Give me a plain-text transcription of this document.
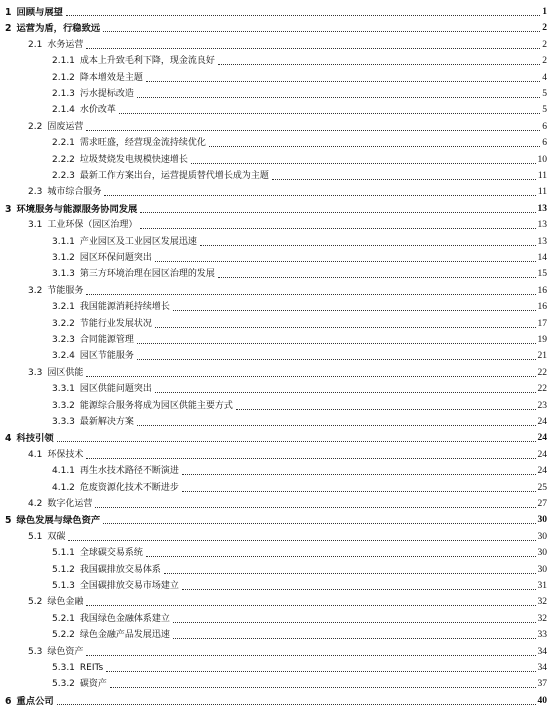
1 回顾与展望	1
2 运营为盾，行稳致远	2
2.1 水务运营	2
2.1.1 成本上升致毛利下降，现金流良好	2
2.1.2 降本增效是主题	4
2.1.3 污水提标改造	5
2.1.4 水价改革	5
2.2 固废运营	6
2.2.1 需求旺盛，经营现金流持续优化	6
2.2.2 垃圾焚烧发电规模快速增长	10
2.2.3 最新工作方案出台，运营提质替代增长成为主题	11
2.3 城市综合服务	11
3 环境服务与能源服务协同发展	13
3.1 工业环保（园区治理）	13
3.1.1 产业园区及工业园区发展迅速	13
3.1.2 园区环保问题突出	14
3.1.3 第三方环境治理在园区治理的发展	15
3.2 节能服务	16
3.2.1 我国能源消耗持续增长	16
3.2.2 节能行业发展状况	17
3.2.3 合同能源管理	19
3.2.4 园区节能服务	21
3.3 园区供能	22
3.3.1 园区供能问题突出	22
3.3.2 能源综合服务将成为园区供能主要方式	23
3.3.3 最新解决方案	24
4 科技引领	24
4.1 环保技术	24
4.1.1 再生水技术路径不断演进	24
4.1.2 危废资源化技术不断进步	25
4.2 数字化运营	27
5 绿色发展与绿色资产	30
5.1 双碳	30
5.1.1 全球碳交易系统	30
5.1.2 我国碳排放交易体系	30
5.1.3 全国碳排放交易市场建立	31
5.2 绿色金融	32
5.2.1 我国绿色金融体系建立	32
5.2.2 绿色金融产品发展迅速	33
5.3 绿色资产	34
5.3.1 REITs	34
5.3.2 碳资产	37
6 重点公司	40
